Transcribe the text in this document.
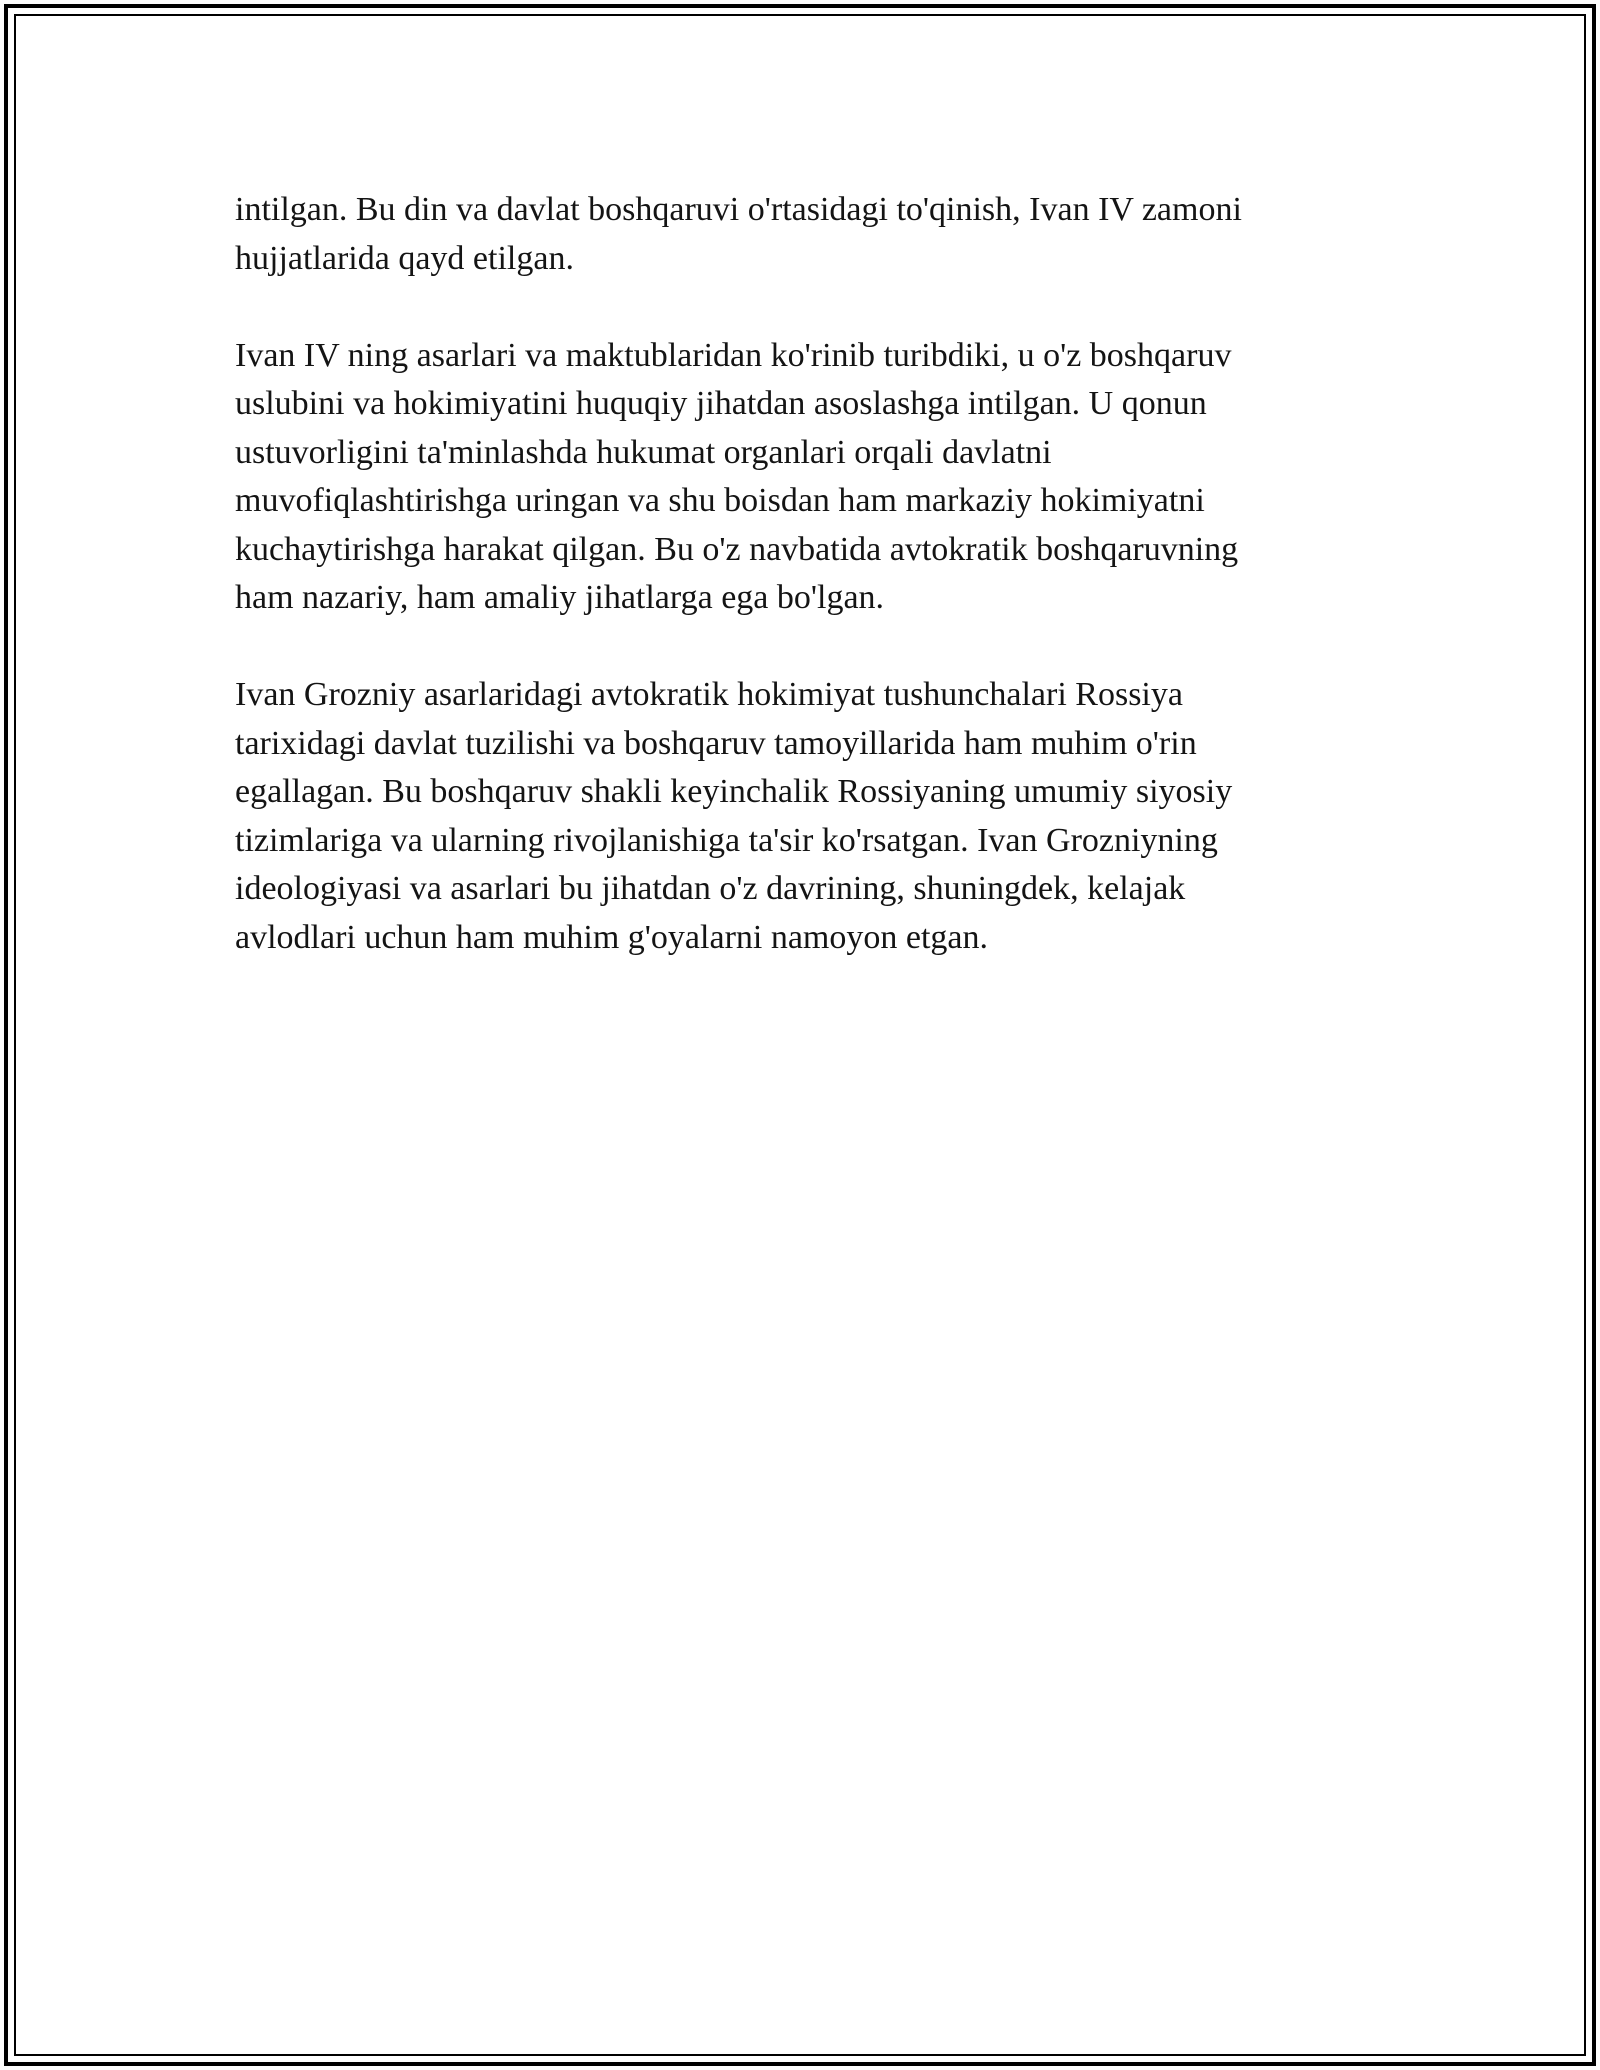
intilgan. Bu din va davlat boshqaruvi o'rtasidagi to'qinish, Ivan IV zamoni
hujjatlarida qayd etilgan.

Ivan IV ning asarlari va maktublaridan ko'rinib turibdiki, u o'z boshqaruv
uslubini va hokimiyatini huquqiy jihatdan asoslashga intilgan. U qonun
ustuvorligini ta'minlashda hukumat organlari orqali davlatni
muvofiqlashtirishga uringan va shu boisdan ham markaziy hokimiyatni
kuchaytirishga harakat qilgan. Bu o'z navbatida avtokratik boshqaruvning
ham nazariy, ham amaliy jihatlarga ega bo'lgan.

Ivan Grozniy asarlaridagi avtokratik hokimiyat tushunchalari Rossiya
tarixidagi davlat tuzilishi va boshqaruv tamoyillarida ham muhim o'rin
egallagan. Bu boshqaruv shakli keyinchalik Rossiyaning umumiy siyosiy
tizimlariga va ularning rivojlanishiga ta'sir ko'rsatgan. Ivan Grozniyning
ideologiyasi va asarlari bu jihatdan o'z davrining, shuningdek, kelajak
avlodlari uchun ham muhim g'oyalarni namoyon etgan.
